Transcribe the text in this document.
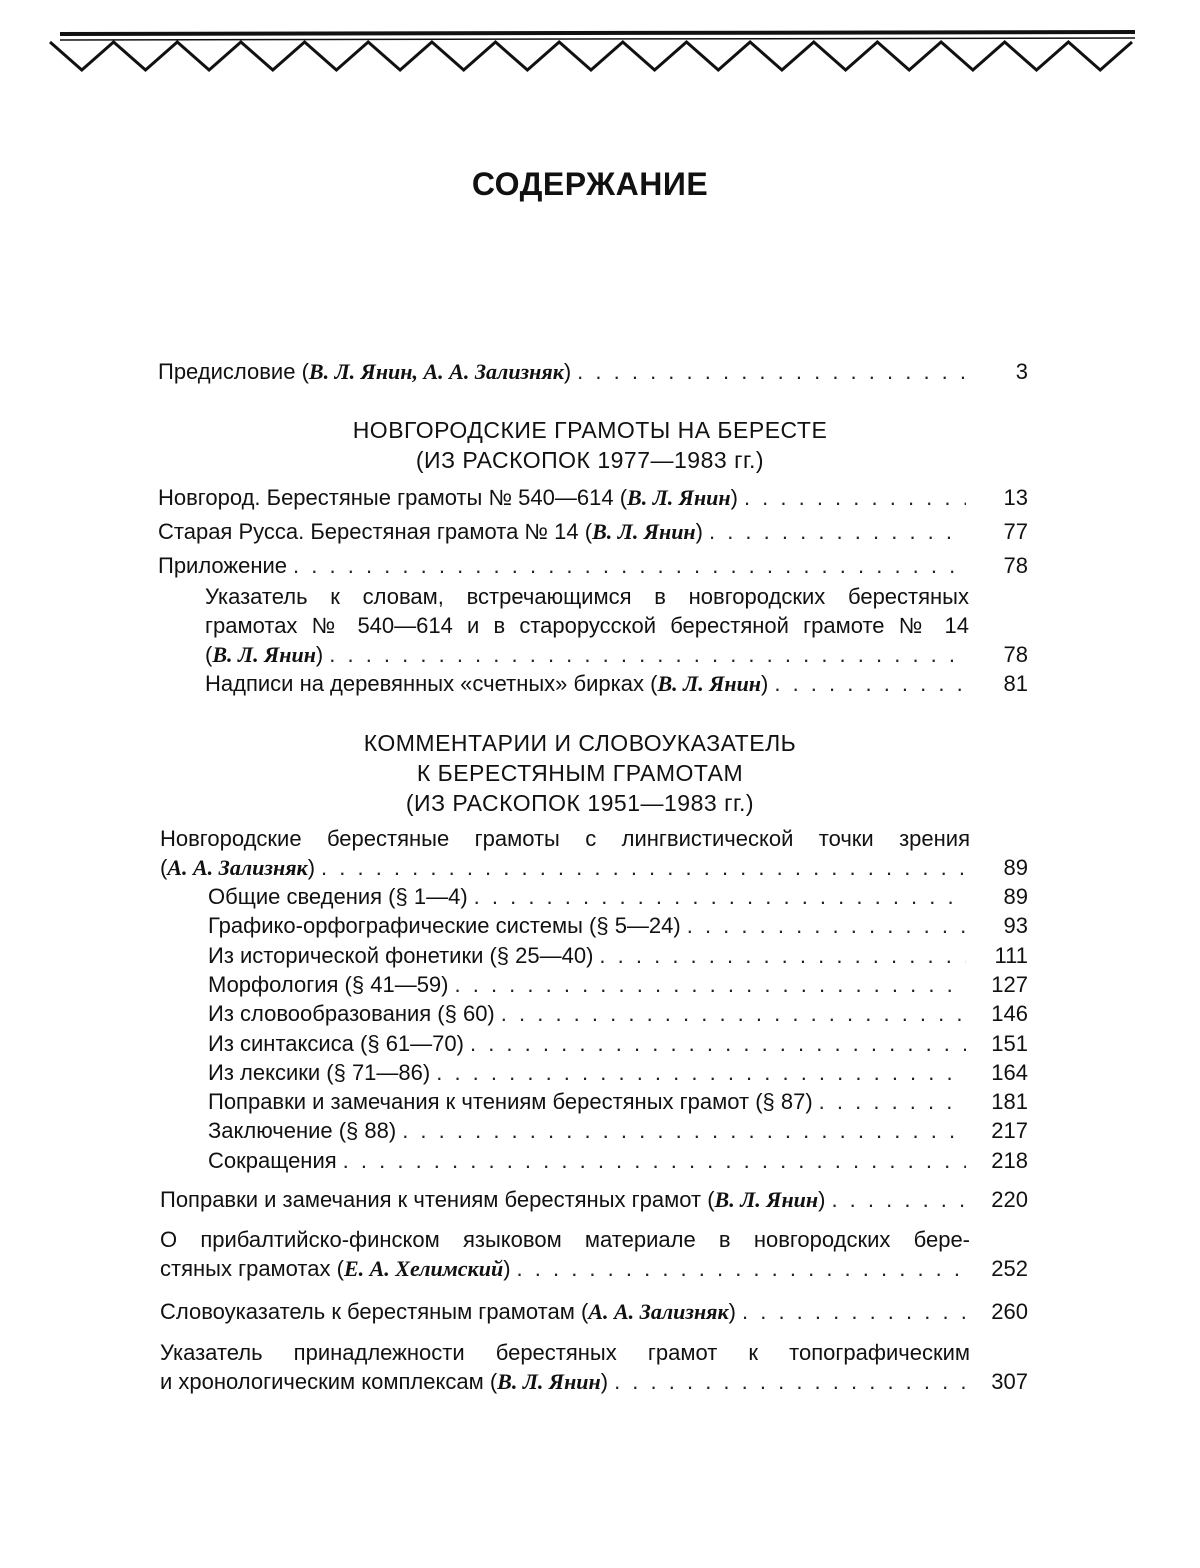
СОДЕРЖАНИЕ
Предисловие (В. Л. Янин, А. А. Зализняк) . . .	3
НОВГОРОДСКИЕ ГРАМОТЫ НА БЕРЕСТЕ
(ИЗ РАСКОПОК 1977—1983 гг.)
Новгород. Берестяные грамоты № 540—614 (В. Л. Янин) . . .	13
Старая Русса. Берестяная грамота № 14 (В. Л. Янин) . . .	77
Приложение . . .	78
Указатель к словам, встречающимся в новгородских берестяных
грамотах № 540—614 и в старорусской берестяной грамоте № 14
(В. Л. Янин) . . .	78
Надписи на деревянных «счетных» бирках (В. Л. Янин) . . .	81
КОММЕНТАРИИ И СЛОВОУКАЗАТЕЛЬ
К БЕРЕСТЯНЫМ ГРАМОТАМ
(ИЗ РАСКОПОК 1951—1983 гг.)
Новгородские берестяные грамоты с лингвистической точки зрения
(А. А. Зализняк) . . .	89
Общие сведения (§ 1—4) . . .	89
Графико-орфографические системы (§ 5—24) . . .	93
Из исторической фонетики (§ 25—40) . . .	111
Морфология (§ 41—59) . . .	127
Из словообразования (§ 60) . . .	146
Из синтаксиса (§ 61—70) . . .	151
Из лексики (§ 71—86) . . .	164
Поправки и замечания к чтениям берестяных грамот (§ 87) . . .	181
Заключение (§ 88) . . .	217
Сокращения . . .	218
Поправки и замечания к чтениям берестяных грамот (В. Л. Янин) . . .	220
О прибалтийско-финском языковом материале в новгородских бере-
стяных грамотах (Е. А. Хелимский) . . .	252
Словоуказатель к берестяным грамотам (А. А. Зализняк) . . .	260
Указатель принадлежности берестяных грамот к топографическим
и хронологическим комплексам (В. Л. Янин) . . .	307
